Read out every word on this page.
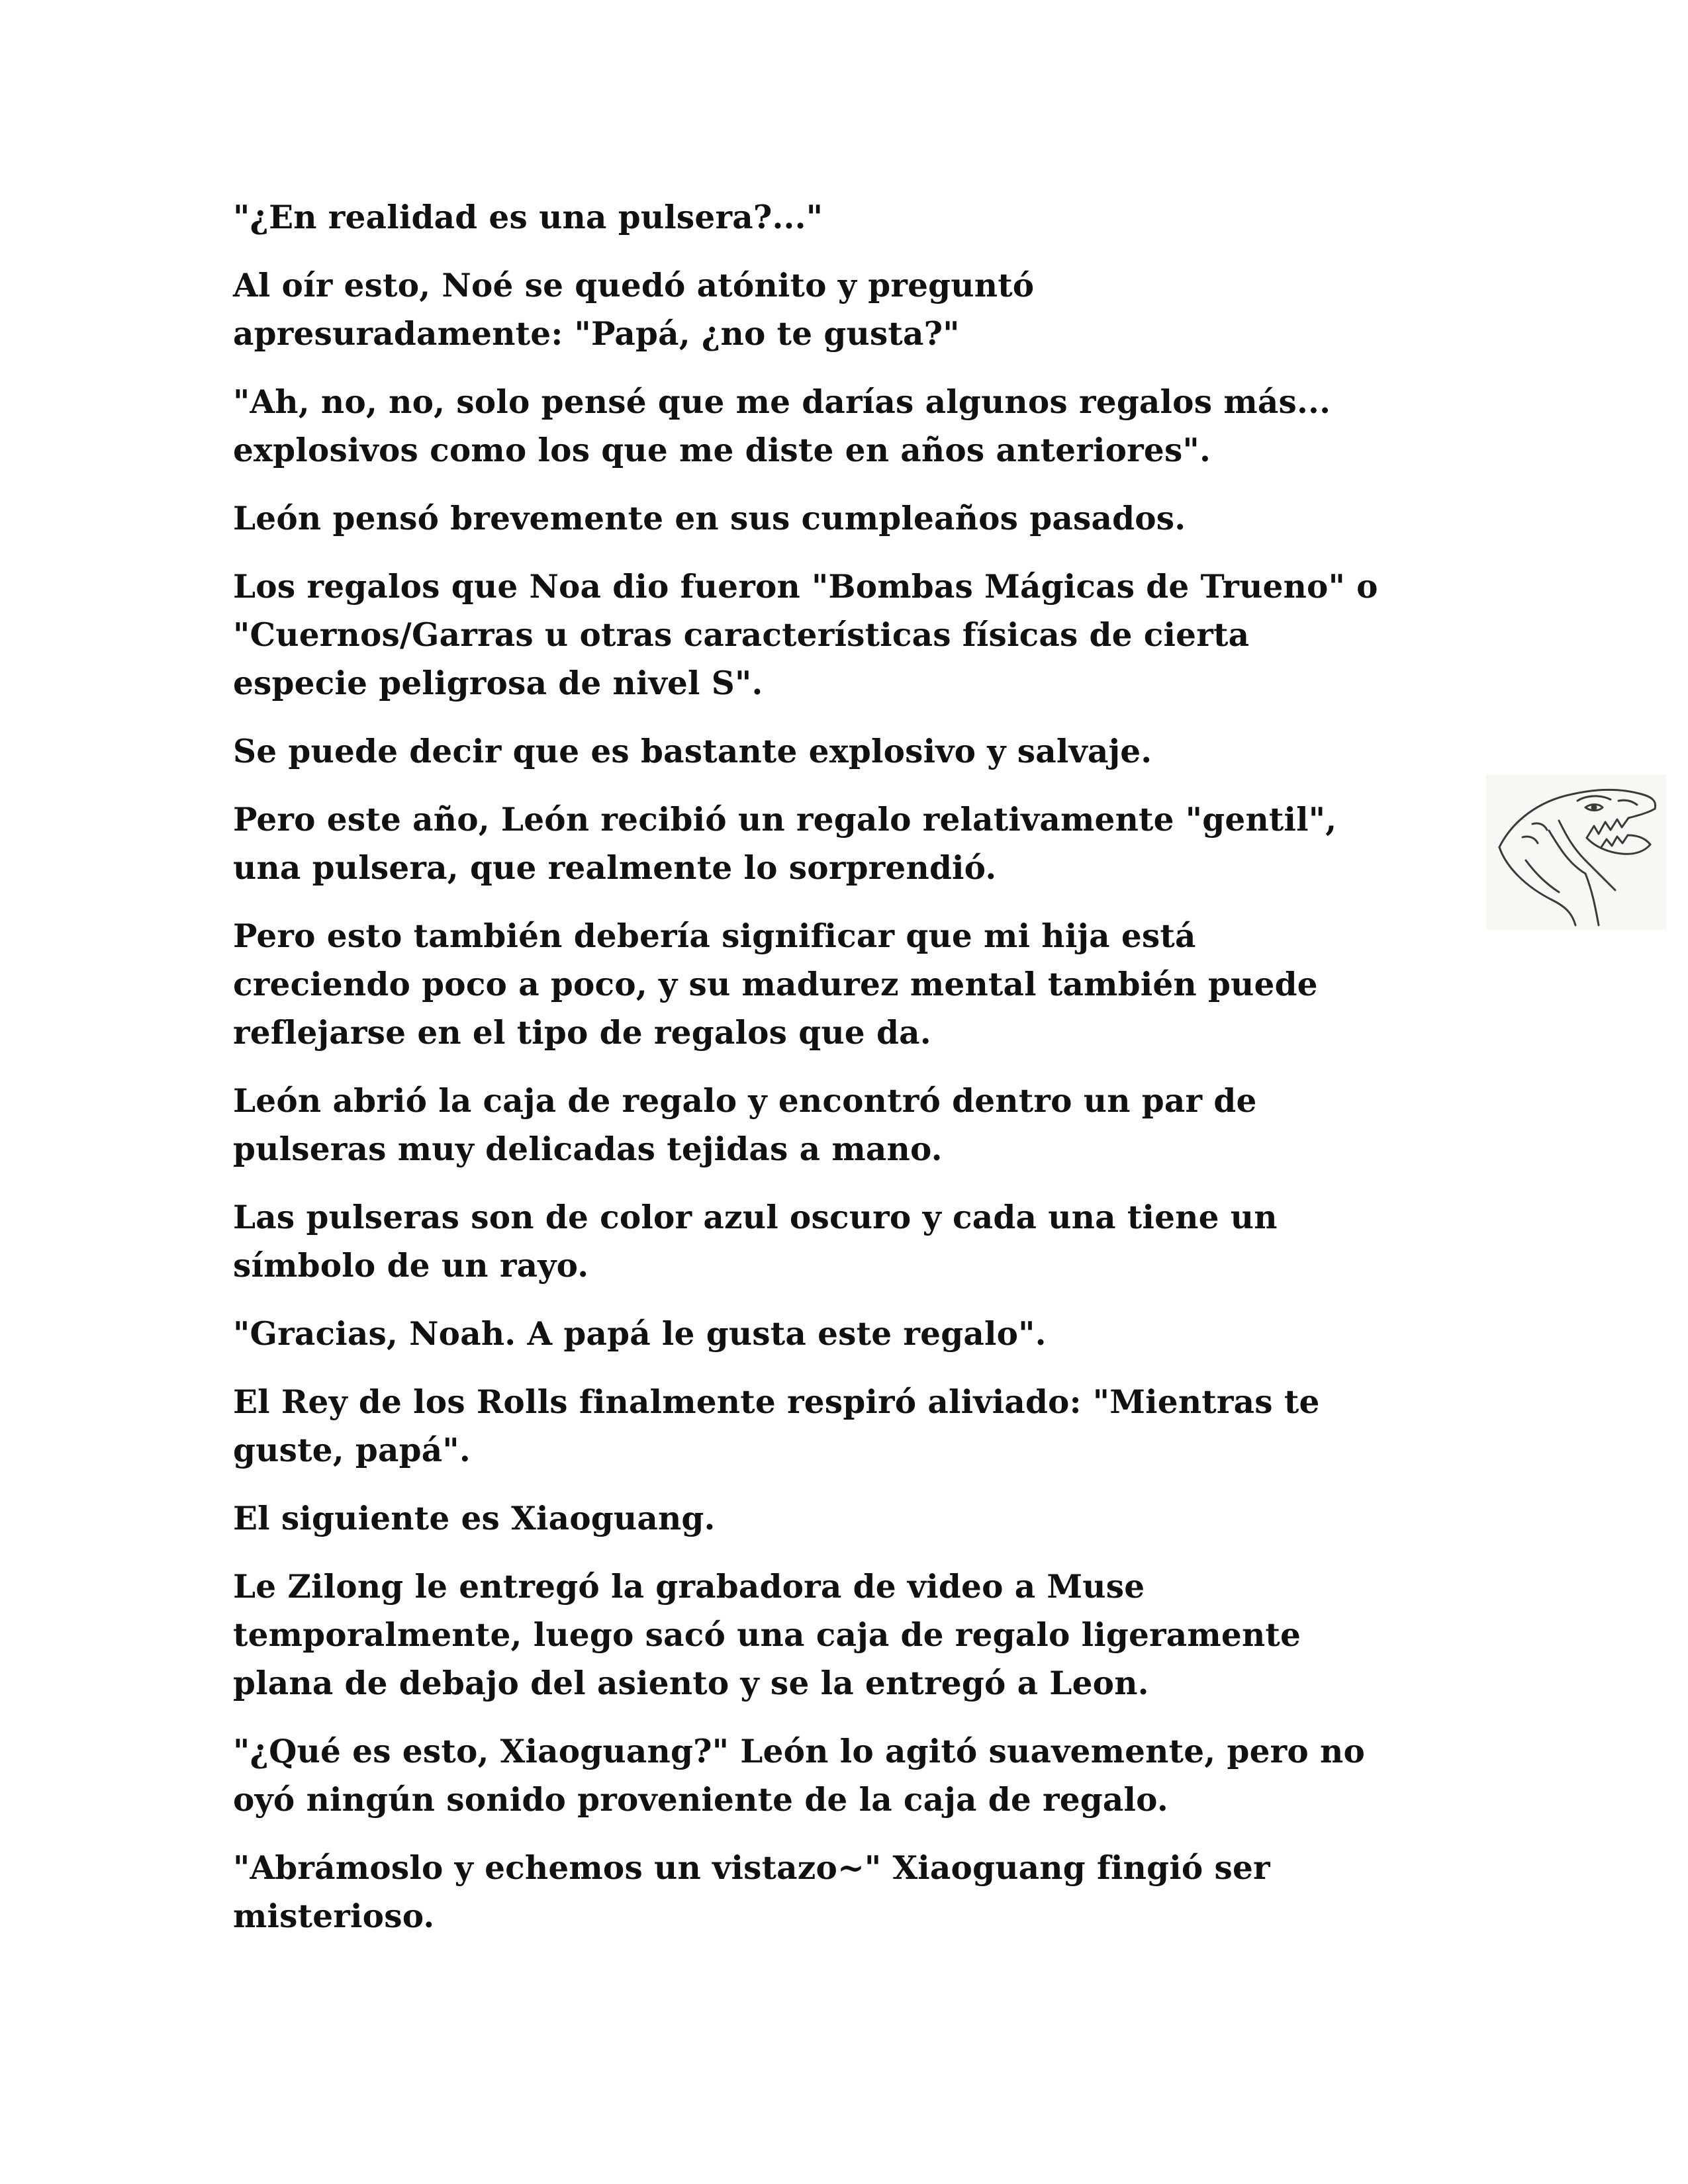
"¿En realidad es una pulsera?..."

Al oír esto, Noé se quedó atónito y preguntó
apresuradamente: "Papá, ¿no te gusta?"

"Ah, no, no, solo pensé que me darías algunos regalos más...
explosivos como los que me diste en años anteriores".

León pensó brevemente en sus cumpleaños pasados.

Los regalos que Noa dio fueron "Bombas Mágicas de Trueno" o
"Cuernos/Garras u otras características físicas de cierta
especie peligrosa de nivel S".

Se puede decir que es bastante explosivo y salvaje.

Pero este año, León recibió un regalo relativamente "gentil",
una pulsera, que realmente lo sorprendió.

Pero esto también debería significar que mi hija está
creciendo poco a poco, y su madurez mental también puede
reflejarse en el tipo de regalos que da.

León abrió la caja de regalo y encontró dentro un par de
pulseras muy delicadas tejidas a mano.

Las pulseras son de color azul oscuro y cada una tiene un
símbolo de un rayo.

"Gracias, Noah. A papá le gusta este regalo".

El Rey de los Rolls finalmente respiró aliviado: "Mientras te
guste, papá".

El siguiente es Xiaoguang.

Le Zilong le entregó la grabadora de video a Muse
temporalmente, luego sacó una caja de regalo ligeramente
plana de debajo del asiento y se la entregó a Leon.

"¿Qué es esto, Xiaoguang?" León lo agitó suavemente, pero no
oyó ningún sonido proveniente de la caja de regalo.

"Abrámoslo y echemos un vistazo~" Xiaoguang fingió ser
misterioso.
